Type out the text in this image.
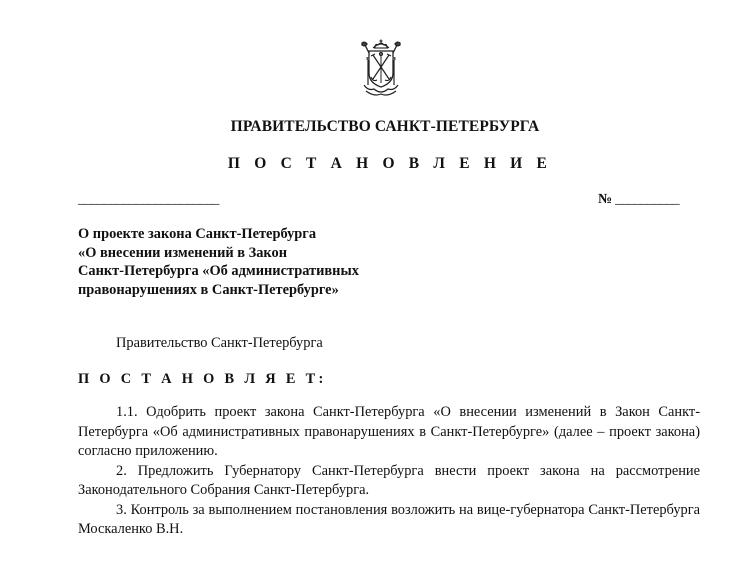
ПРАВИТЕЛЬСТВО САНКТ-ПЕТЕРБУРГА
П О С Т А Н О В Л Е Н И Е
______________________	№ __________
О проекте закона Санкт-Петербурга
«О внесении изменений в Закон
Санкт-Петербурга «Об административных
правонарушениях в Санкт-Петербурге»
Правительство Санкт-Петербурга
П О С Т А Н О В Л Я Е Т:
1.1. Одобрить проект закона Санкт-Петербурга «О внесении изменений в Закон Санкт-Петербурга «Об административных правонарушениях в Санкт-Петербурге» (далее – проект закона) согласно приложению.
2. Предложить Губернатору Санкт-Петербурга внести проект закона на рассмотрение Законодательного Собрания Санкт-Петербурга.
3. Контроль за выполнением постановления возложить на вице-губернатора Санкт-Петербурга Москаленко В.Н.
